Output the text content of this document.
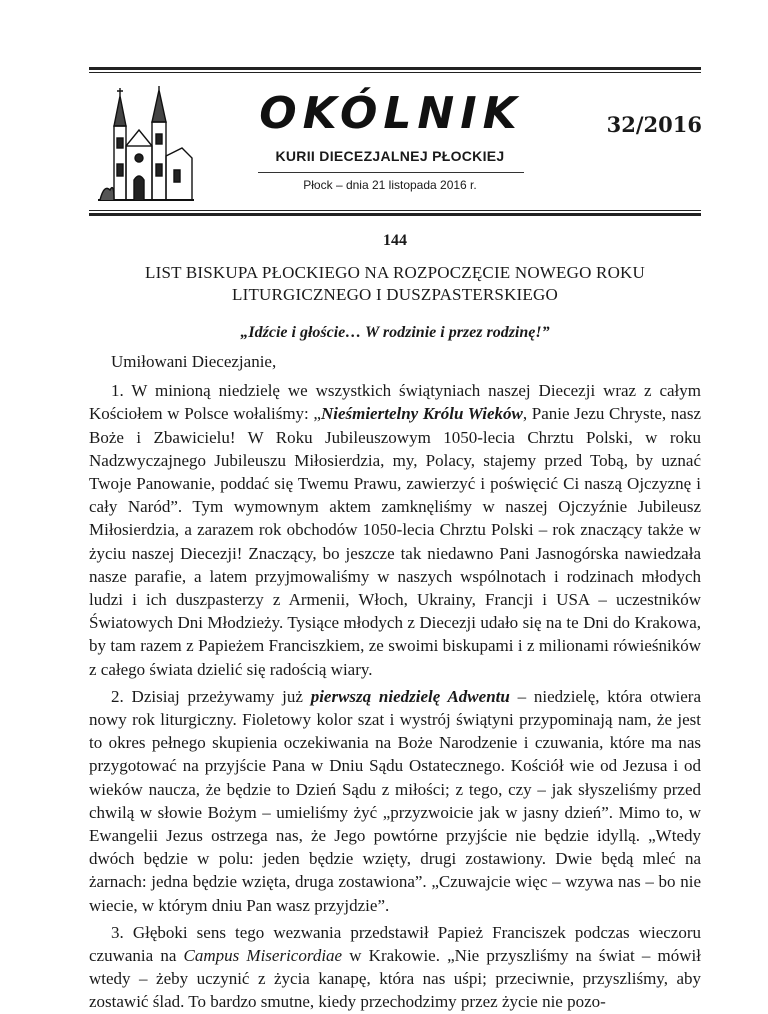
OKÓLNIK	32/2016
KURII DIECEZJALNEJ PŁOCKIEJ
Płock – dnia 21 listopada 2016 r.
144
LIST BISKUPA PŁOCKIEGO NA ROZPOCZĘCIE NOWEGO ROKU
LITURGICZNEGO I DUSZPASTERSKIEGO
„Idźcie i głoście… W rodzinie i przez rodzinę!”

Umiłowani Diecezjanie,

1. W minioną niedzielę we wszystkich świątyniach naszej Diecezji wraz z całym Kościołem w Polsce wołaliśmy: „Nieśmiertelny Królu Wieków, Panie Jezu Chryste, nasz Boże i Zbawicielu! W Roku Jubileuszowym 1050-lecia Chrztu Polski, w roku Nadzwyczajnego Jubileuszu Miłosierdzia, my, Polacy, stajemy przed Tobą, by uznać Twoje Panowanie, poddać się Twemu Prawu, zawierzyć i poświęcić Ci naszą Ojczyznę i cały Naród”. Tym wymownym aktem zamknęliśmy w naszej Ojczyźnie Jubileusz Miłosierdzia, a zarazem rok obchodów 1050-lecia Chrztu Polski – rok znaczący także w życiu naszej Diecezji! Znaczący, bo jeszcze tak niedawno Pani Jasnogórska nawiedzała nasze parafie, a latem przyjmowaliśmy w naszych wspólnotach i rodzinach młodych ludzi i ich duszpasterzy z Armenii, Włoch, Ukrainy, Francji i USA – uczestników Światowych Dni Młodzieży. Tysiące młodych z Diecezji udało się na te Dni do Krakowa, by tam razem z Papieżem Franciszkiem, ze swoimi biskupami i z milionami rówieśników z całego świata dzielić się radością wiary.

2. Dzisiaj przeżywamy już pierwszą niedzielę Adwentu – niedzielę, która otwiera nowy rok liturgiczny. Fioletowy kolor szat i wystrój świątyni przypominają nam, że jest to okres pełnego skupienia oczekiwania na Boże Narodzenie i czuwania, które ma nas przygotować na przyjście Pana w Dniu Sądu Ostatecznego. Kościół wie od Jezusa i od wieków naucza, że będzie to Dzień Sądu z miłości; z tego, czy – jak słyszeliśmy przed chwilą w słowie Bożym – umieliśmy żyć „przyzwoicie jak w jasny dzień”. Mimo to, w Ewangelii Jezus ostrzega nas, że Jego powtórne przyjście nie będzie idyllą. „Wtedy dwóch będzie w polu: jeden będzie wzięty, drugi zostawiony. Dwie będą mleć na żarnach: jedna będzie wzięta, druga zostawiona”. „Czuwajcie więc – wzywa nas – bo nie wiecie, w którym dniu Pan wasz przyjdzie”.

3. Głęboki sens tego wezwania przedstawił Papież Franciszek podczas wieczoru czuwania na Campus Misericordiae w Krakowie. „Nie przyszliśmy na świat – mówił wtedy – żeby uczynić z życia kanapę, która nas uśpi; przeciwnie, przyszliśmy, aby zostawić ślad. To bardzo smutne, kiedy przechodzimy przez życie nie pozo-
